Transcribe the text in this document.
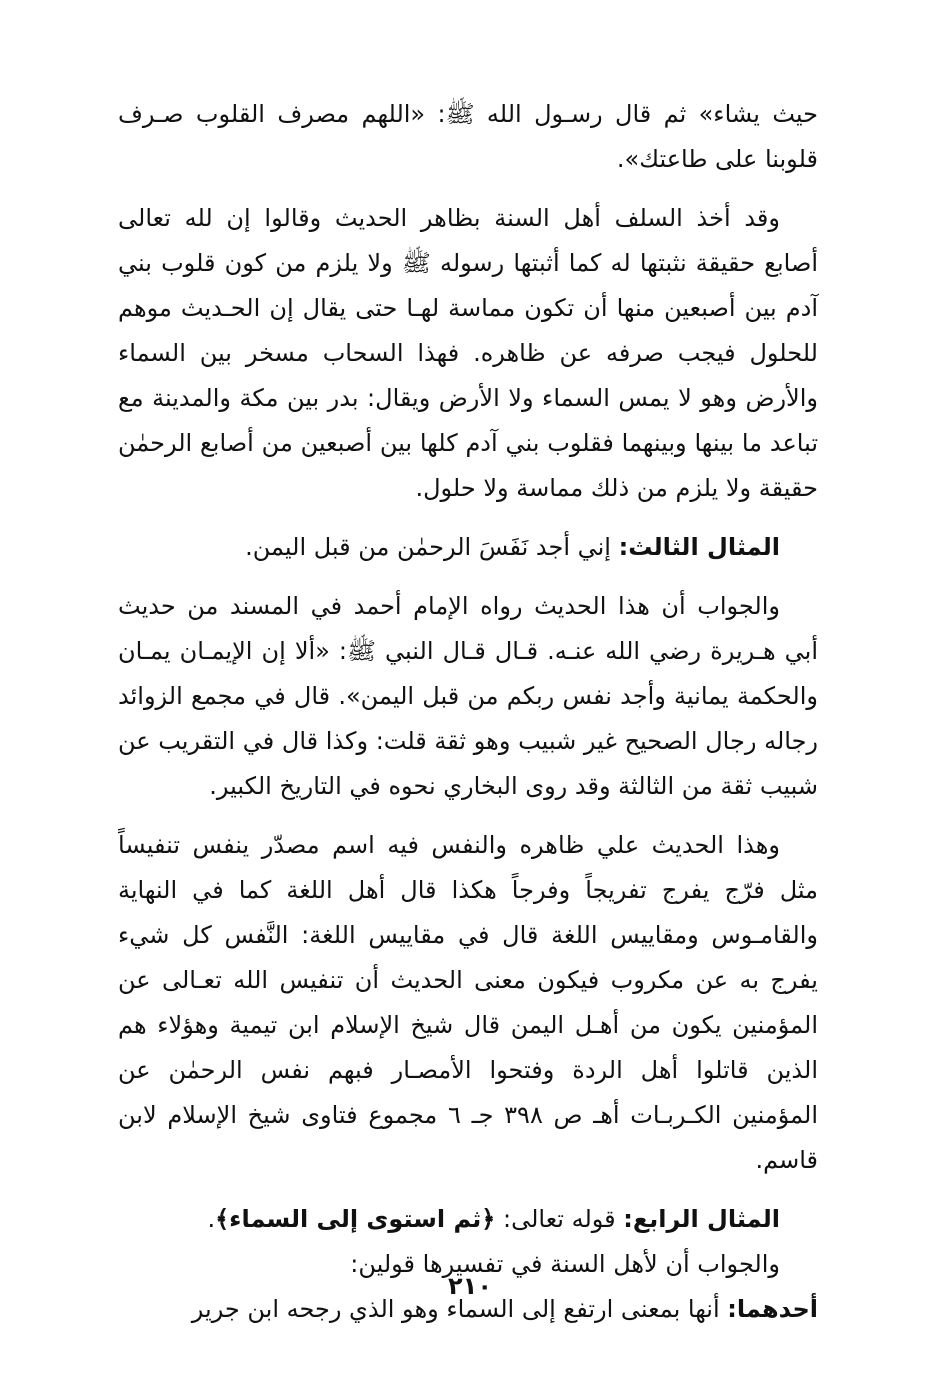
حيث يشاء» ثم قال رسـول الله ﷺ: «اللهم مصرف القلوب صـرف قلوبنا على طاعتك».

وقد أخذ السلف أهل السنة بظاهر الحديث وقالوا إن لله تعالى أصابع حقيقة نثبتها له كما أثبتها رسوله ﷺ ولا يلزم من كون قلوب بني آدم بين أصبعين منها أن تكون مماسة لهـا حتى يقال إن الحـديث موهم للحلول فيجب صرفه عن ظاهره. فهذا السحاب مسخر بين السماء والأرض وهو لا يمس السماء ولا الأرض ويقال: بدر بين مكة والمدينة مع تباعد ما بينها وبينهما فقلوب بني آدم كلها بين أصبعين من أصابع الرحمٰن حقيقة ولا يلزم من ذلك مماسة ولا حلول.

المثال الثالث: إني أجد نَفَسَ الرحمٰن من قبل اليمن.

والجواب أن هذا الحديث رواه الإمام أحمد في المسند من حديث أبي هـريرة رضي الله عنـه. قـال قـال النبي ﷺ: «ألا إن الإيمـان يمـان والحكمة يمانية وأجد نفس ربكم من قبل اليمن». قال في مجمع الزوائد رجاله رجال الصحيح غير شبيب وهو ثقة قلت: وكذا قال في التقريب عن شبيب ثقة من الثالثة وقد روى البخاري نحوه في التاريخ الكبير.

وهذا الحديث علي ظاهره والنفس فيه اسم مصدّر ينفس تنفيساً مثل فرّج يفرج تفريجاً وفرجاً هكذا قال أهل اللغة كما في النهاية والقامـوس ومقاييس اللغة قال في مقاييس اللغة: النَّفس كل شيء يفرج به عن مكروب فيكون معنى الحديث أن تنفيس الله تعـالى عن المؤمنين يكون من أهـل اليمن قال شيخ الإسلام ابن تيمية وهؤلاء هم الذين قاتلوا أهل الردة وفتحوا الأمصـار فبهم نفس الرحمٰن عن المؤمنين الكـربـات أهـ ص ٣٩٨ جـ ٦ مجموع فتاوى شيخ الإسلام لابن قاسم.

المثال الرابع: قوله تعالى: ﴿ثم استوى إلى السماء﴾.

والجواب أن لأهل السنة في تفسيرها قولين:

أحدهما: أنها بمعنى ارتفع إلى السماء وهو الذي رجحه ابن جرير

٢١٠
